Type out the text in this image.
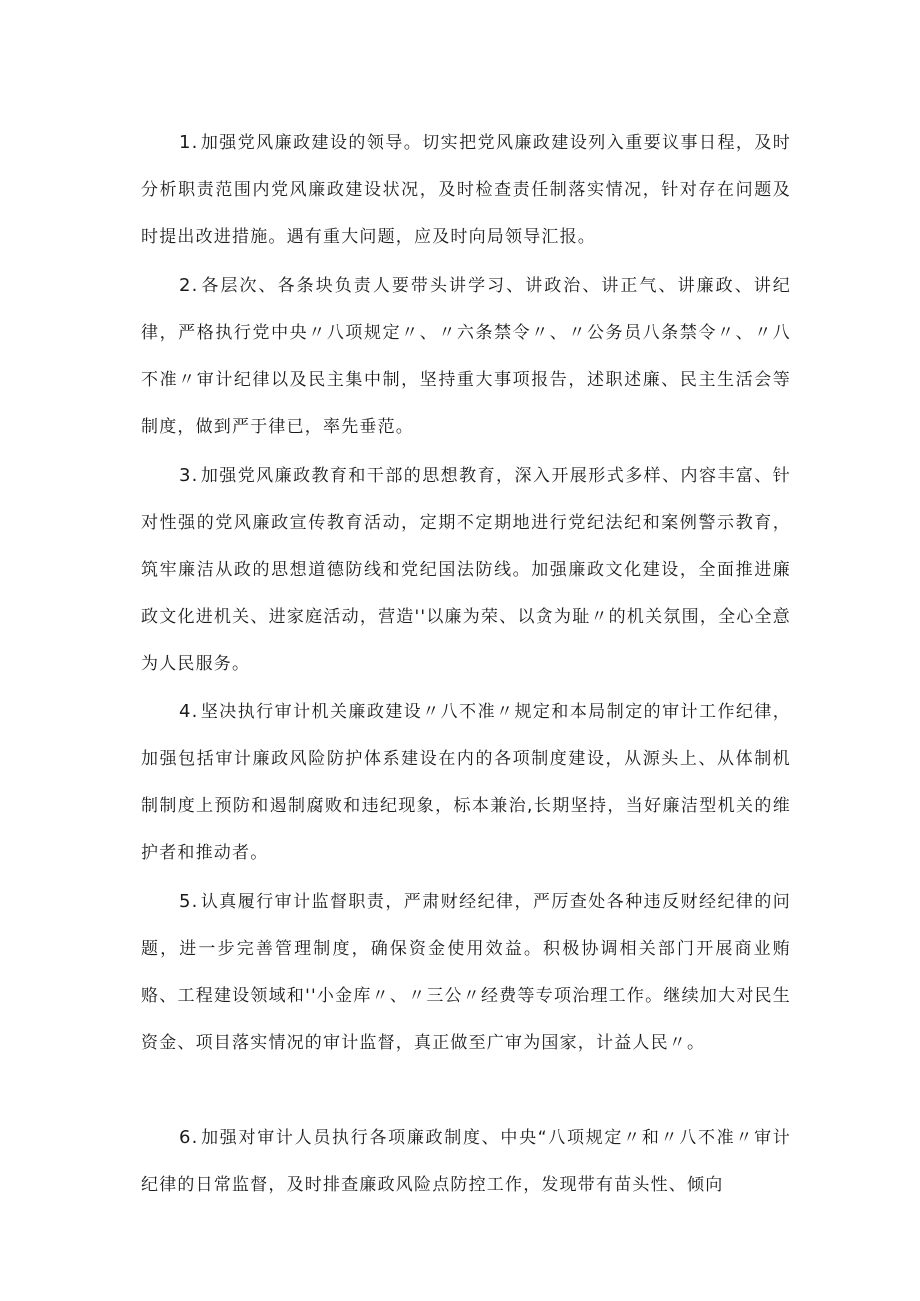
1. 加强党风廉政建设的领导。切实把党风廉政建设列入重要议事日程，及时分析职责范围内党风廉政建设状况，及时检查责任制落实情况，针对存在问题及时提出改进措施。遇有重大问题，应及时向局领导汇报。

2. 各层次、各条块负责人要带头讲学习、讲政治、讲正气、讲廉政、讲纪律，严格执行党中央〃八项规定〃、〃六条禁令〃、〃公务员八条禁令〃、〃八不准〃审计纪律以及民主集中制，坚持重大事项报告，述职述廉、民主生活会等制度，做到严于律已，率先垂范。

3. 加强党风廉政教育和干部的思想教育，深入开展形式多样、内容丰富、针对性强的党风廉政宣传教育活动，定期不定期地进行党纪法纪和案例警示教育，筑牢廉洁从政的思想道德防线和党纪国法防线。加强廉政文化建设，全面推进廉政文化进机关、进家庭活动，营造''以廉为荣、以贪为耻〃的机关氛围，全心全意为人民服务。

4. 坚决执行审计机关廉政建设〃八不准〃规定和本局制定的审计工作纪律，加强包括审计廉政风险防护体系建设在内的各项制度建设，从源头上、从体制机制制度上预防和遏制腐败和违纪现象，标本兼治,长期坚持，当好廉洁型机关的维护者和推动者。

5. 认真履行审计监督职责，严肃财经纪律，严厉查处各种违反财经纪律的问题，进一步完善管理制度，确保资金使用效益。积极协调相关部门开展商业贿赂、工程建设领域和''小金库〃、〃三公〃经费等专项治理工作。继续加大对民生资金、项目落实情况的审计监督，真正做至广审为国家，计益人民〃。

6. 加强对审计人员执行各项廉政制度、中央“八项规定〃和〃八不准〃审计纪律的日常监督，及时排查廉政风险点防控工作，发现带有苗头性、倾向
